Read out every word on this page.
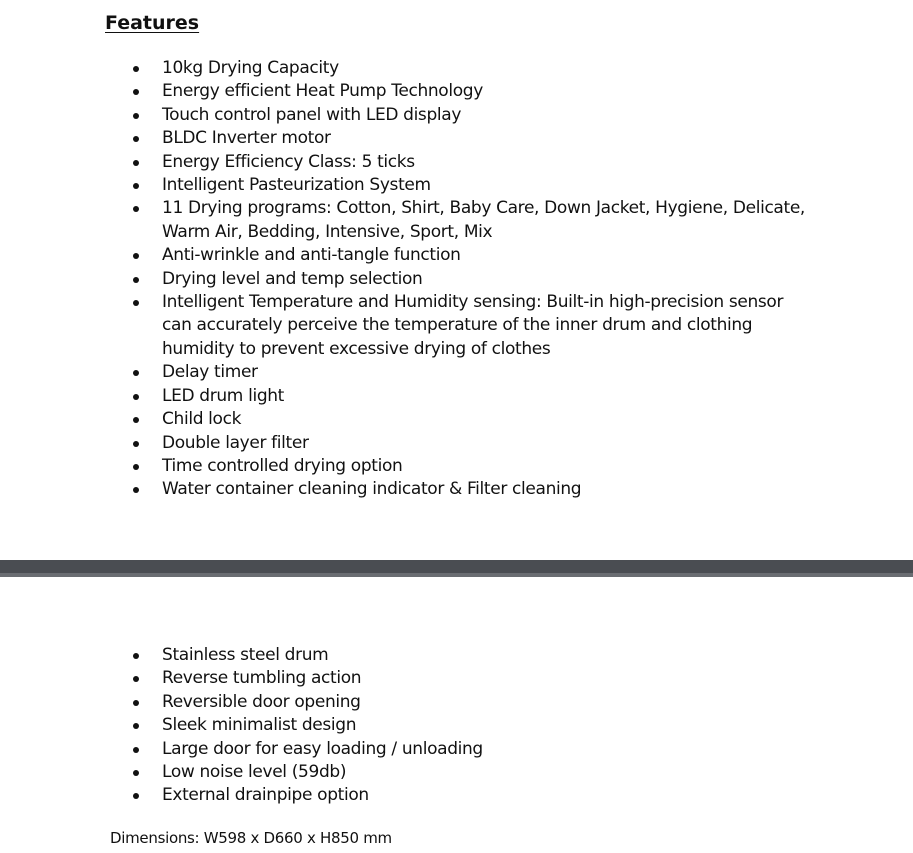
Features
10kg Drying Capacity
Energy efficient Heat Pump Technology
Touch control panel with LED display
BLDC Inverter motor
Energy Efficiency Class: 5 ticks
Intelligent Pasteurization System
11 Drying programs: Cotton, Shirt, Baby Care, Down Jacket, Hygiene, Delicate, Warm Air, Bedding, Intensive, Sport, Mix
Anti-wrinkle and anti-tangle function
Drying level and temp selection
Intelligent Temperature and Humidity sensing: Built-in high-precision sensor can accurately perceive the temperature of the inner drum and clothing humidity to prevent excessive drying of clothes
Delay timer
LED drum light
Child lock
Double layer filter
Time controlled drying option
Water container cleaning indicator & Filter cleaning
Stainless steel drum
Reverse tumbling action
Reversible door opening
Sleek minimalist design
Large door for easy loading / unloading
Low noise level (59db)
External drainpipe option

Dimensions: W598 x D660 x H850 mm
